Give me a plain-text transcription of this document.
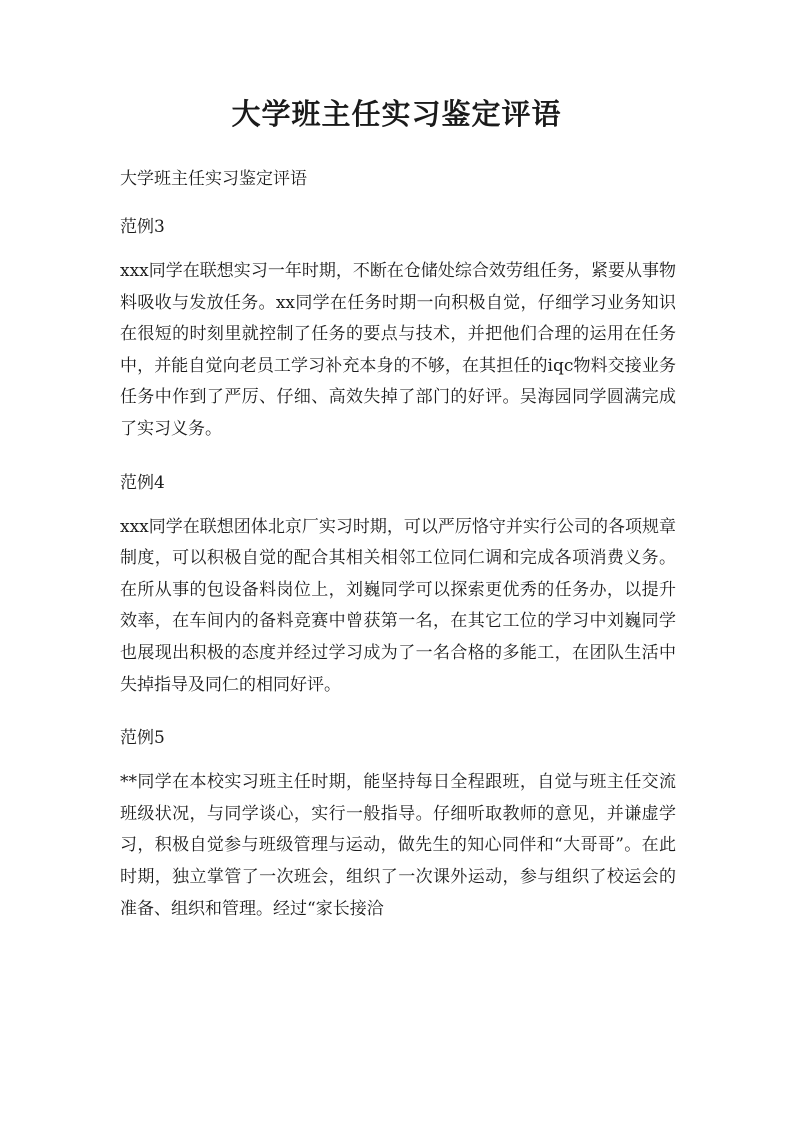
大学班主任实习鉴定评语

大学班主任实习鉴定评语

范例3

xxx同学在联想实习一年时期，不断在仓储处综合效劳组任务，紧要从事物料吸收与发放任务。xx同学在任务时期一向积极自觉，仔细学习业务知识在很短的时刻里就控制了任务的要点与技术，并把他们合理的运用在任务中，并能自觉向老员工学习补充本身的不够，在其担任的iqc物料交接业务任务中作到了严厉、仔细、高效失掉了部门的好评。吴海园同学圆满完成了实习义务。

范例4

xxx同学在联想团体北京厂实习时期，可以严厉恪守并实行公司的各项规章制度，可以积极自觉的配合其相关相邻工位同仁调和完成各项消费义务。在所从事的包设备料岗位上，刘巍同学可以探索更优秀的任务办，以提升效率，在车间内的备料竞赛中曾获第一名，在其它工位的学习中刘巍同学也展现出积极的态度并经过学习成为了一名合格的多能工，在团队生活中失掉指导及同仁的相同好评。

范例5

**同学在本校实习班主任时期，能坚持每日全程跟班，自觉与班主任交流班级状况，与同学谈心，实行一般指导。仔细听取教师的意见，并谦虚学习，积极自觉参与班级管理与运动，做先生的知心同伴和“大哥哥”。在此时期，独立掌管了一次班会，组织了一次课外运动，参与组织了校运会的准备、组织和管理。经过“家长接洽
